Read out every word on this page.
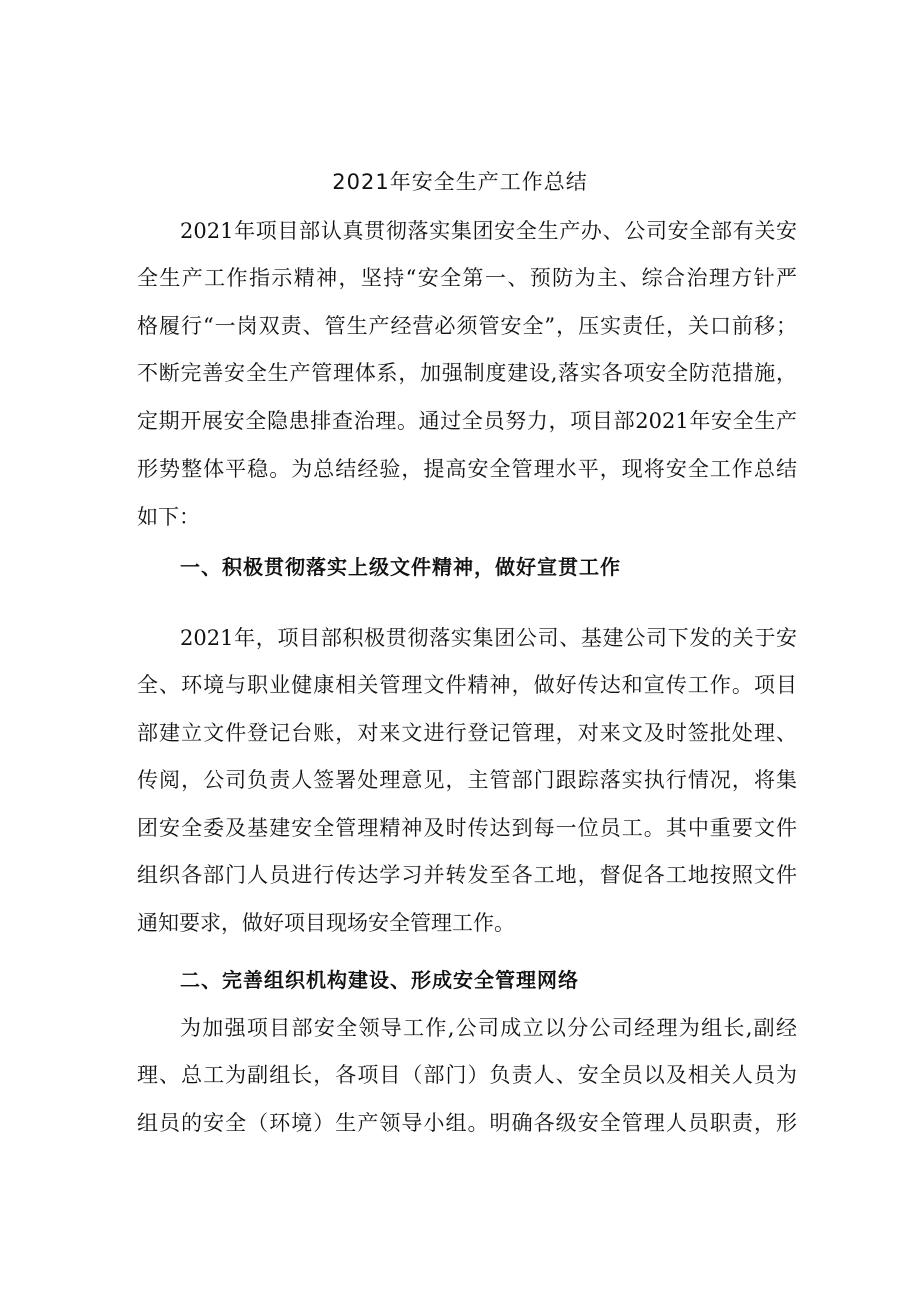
2021年安全生产工作总结
2021年项目部认真贯彻落实集团安全生产办、公司安全部有关安
全生产工作指示精神，坚持“安全第一、预防为主、综合治理方针严
格履行“一岗双责、管生产经营必须管安全”，压实责任，关口前移；
不断完善安全生产管理体系，加强制度建设,落实各项安全防范措施，
定期开展安全隐患排查治理。通过全员努力，项目部2021年安全生产
形势整体平稳。为总结经验，提高安全管理水平，现将安全工作总结
如下：
一、积极贯彻落实上级文件精神，做好宣贯工作
2021年，项目部积极贯彻落实集团公司、基建公司下发的关于安
全、环境与职业健康相关管理文件精神，做好传达和宣传工作。项目
部建立文件登记台账，对来文进行登记管理，对来文及时签批处理、
传阅，公司负责人签署处理意见，主管部门跟踪落实执行情况，将集
团安全委及基建安全管理精神及时传达到每一位员工。其中重要文件
组织各部门人员进行传达学习并转发至各工地，督促各工地按照文件
通知要求，做好项目现场安全管理工作。
二、完善组织机构建设、形成安全管理网络
为加强项目部安全领导工作,公司成立以分公司经理为组长,副经
理、总工为副组长，各项目（部门）负责人、安全员以及相关人员为
组员的安全（环境）生产领导小组。明确各级安全管理人员职责，形
